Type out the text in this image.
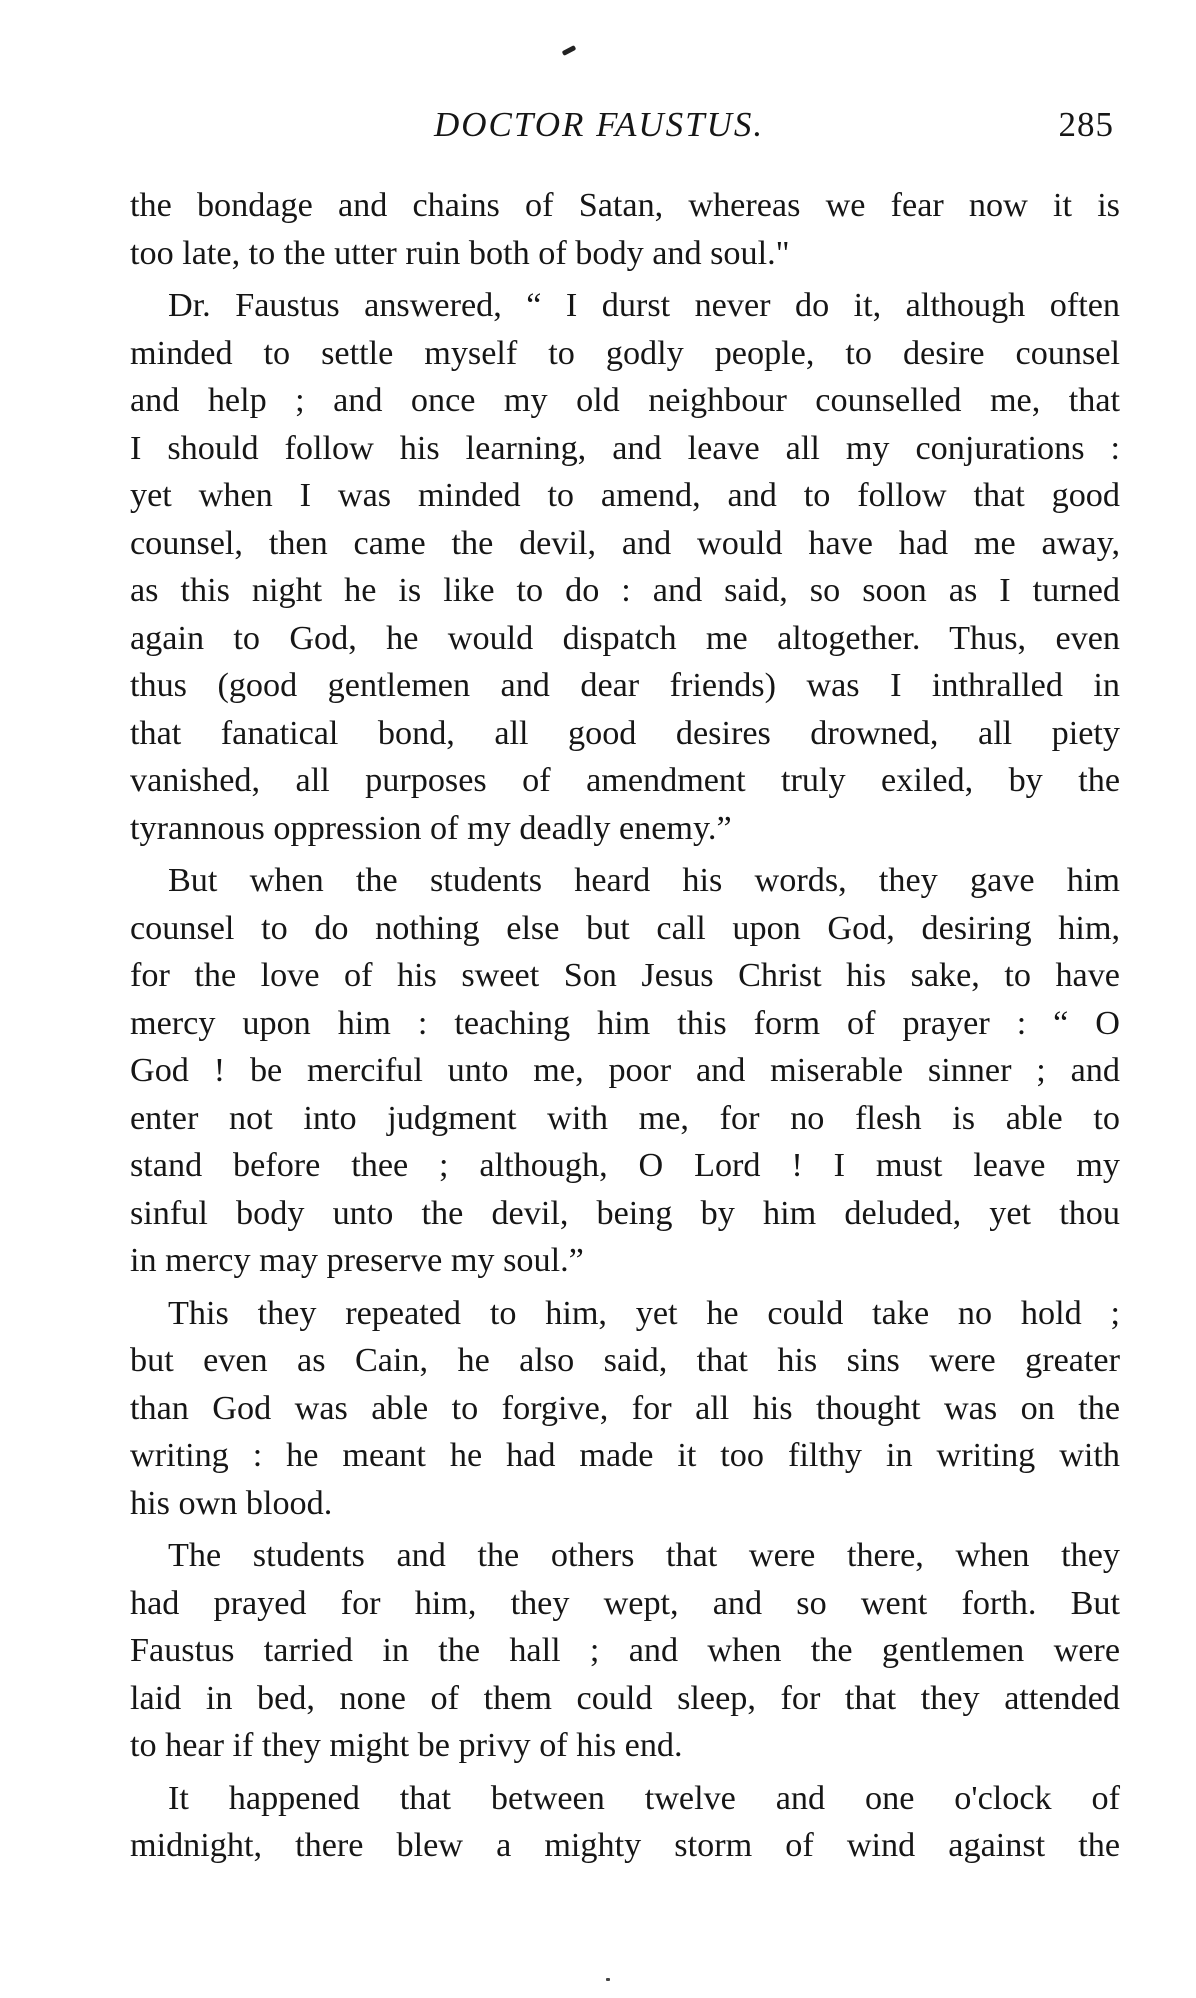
DOCTOR FAUSTUS.	285

the bondage and chains of Satan, whereas we fear now it is
too late, to the utter ruin both of body and soul."

Dr. Faustus answered, “ I durst never do it, although often
minded to settle myself to godly people, to desire counsel
and help ; and once my old neighbour counselled me, that
I should follow his learning, and leave all my conjurations :
yet when I was minded to amend, and to follow that good
counsel, then came the devil, and would have had me away,
as this night he is like to do : and said, so soon as I turned
again to God, he would dispatch me altogether. Thus, even
thus (good gentlemen and dear friends) was I inthralled in
that fanatical bond, all good desires drowned, all piety
vanished, all purposes of amendment truly exiled, by the
tyrannous oppression of my deadly enemy.”

But when the students heard his words, they gave him
counsel to do nothing else but call upon God, desiring him,
for the love of his sweet Son Jesus Christ his sake, to have
mercy upon him : teaching him this form of prayer : “ O
God ! be merciful unto me, poor and miserable sinner ; and
enter not into judgment with me, for no flesh is able to
stand before thee ; although, O Lord ! I must leave my
sinful body unto the devil, being by him deluded, yet thou
in mercy may preserve my soul.”

This they repeated to him, yet he could take no hold ;
but even as Cain, he also said, that his sins were greater
than God was able to forgive, for all his thought was on the
writing : he meant he had made it too filthy in writing with
his own blood.

The students and the others that were there, when they
had prayed for him, they wept, and so went forth. But
Faustus tarried in the hall ; and when the gentlemen were
laid in bed, none of them could sleep, for that they attended
to hear if they might be privy of his end.

It happened that between twelve and one o'clock of
midnight, there blew a mighty storm of wind against the
